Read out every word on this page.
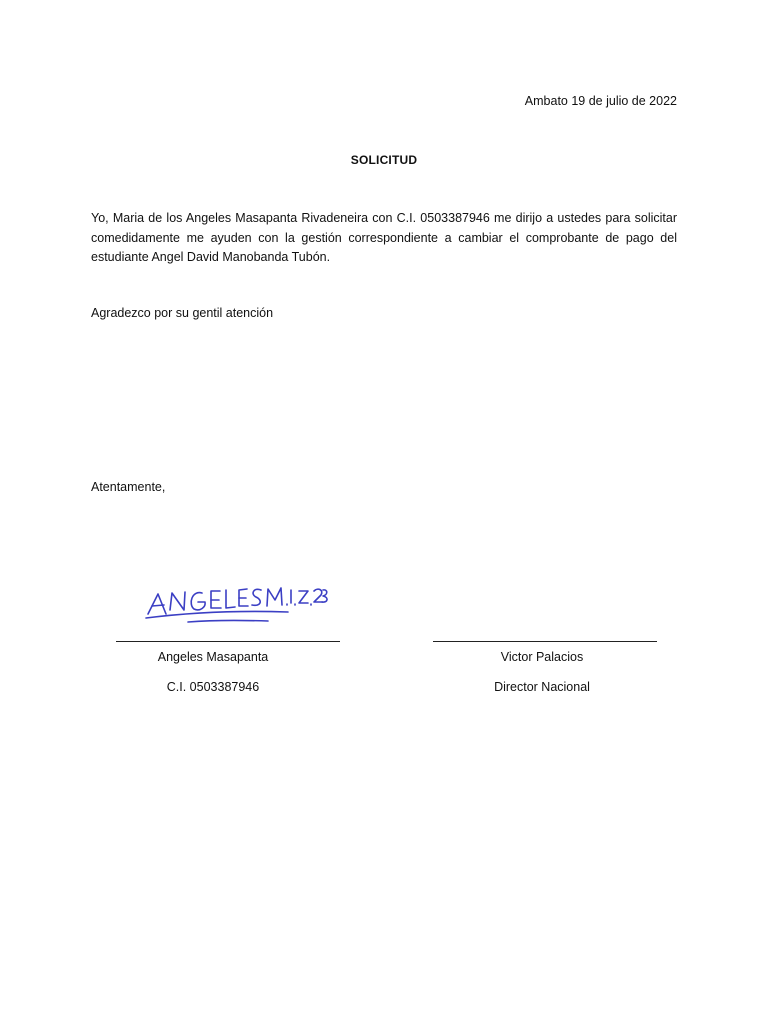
Ambato 19 de julio de 2022
SOLICITUD
Yo, Maria de los Angeles Masapanta Rivadeneira con C.I. 0503387946 me dirijo a ustedes para solicitar comedidamente me ayuden con la gestión correspondiente a cambiar el comprobante de pago del estudiante Angel David Manobanda Tubón.
Agradezco por su gentil atención
Atentamente,
Angeles Masapanta
C.I. 0503387946
Victor Palacios
Director Nacional
